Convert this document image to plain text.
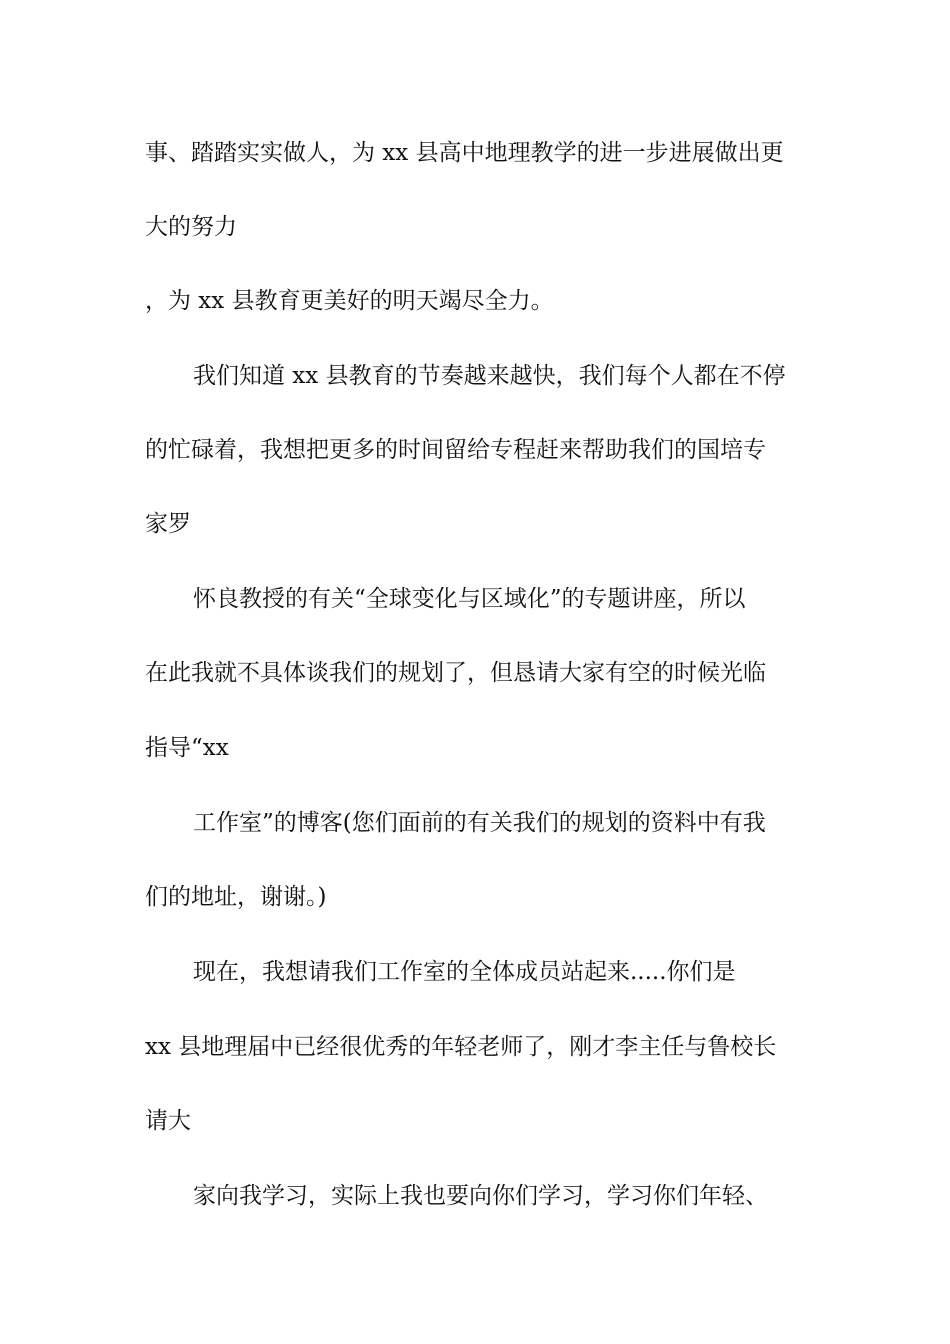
事、踏踏实实做人，为 xx 县高中地理教学的进一步进展做出更
大的努力
，为 xx 县教育更美好的明天竭尽全力。
我们知道 xx 县教育的节奏越来越快，我们每个人都在不停
的忙碌着，我想把更多的时间留给专程赶来帮助我们的国培专
家罗
怀良教授的有关“全球变化与区域化”的专题讲座，所以
在此我就不具体谈我们的规划了，但恳请大家有空的时候光临
指导“xx
工作室”的博客(您们面前的有关我们的规划的资料中有我
们的地址，谢谢。)
现在，我想请我们工作室的全体成员站起来.....你们是
xx 县地理届中已经很优秀的年轻老师了，刚才李主任与鲁校长
请大
家向我学习，实际上我也要向你们学习，学习你们年轻、
